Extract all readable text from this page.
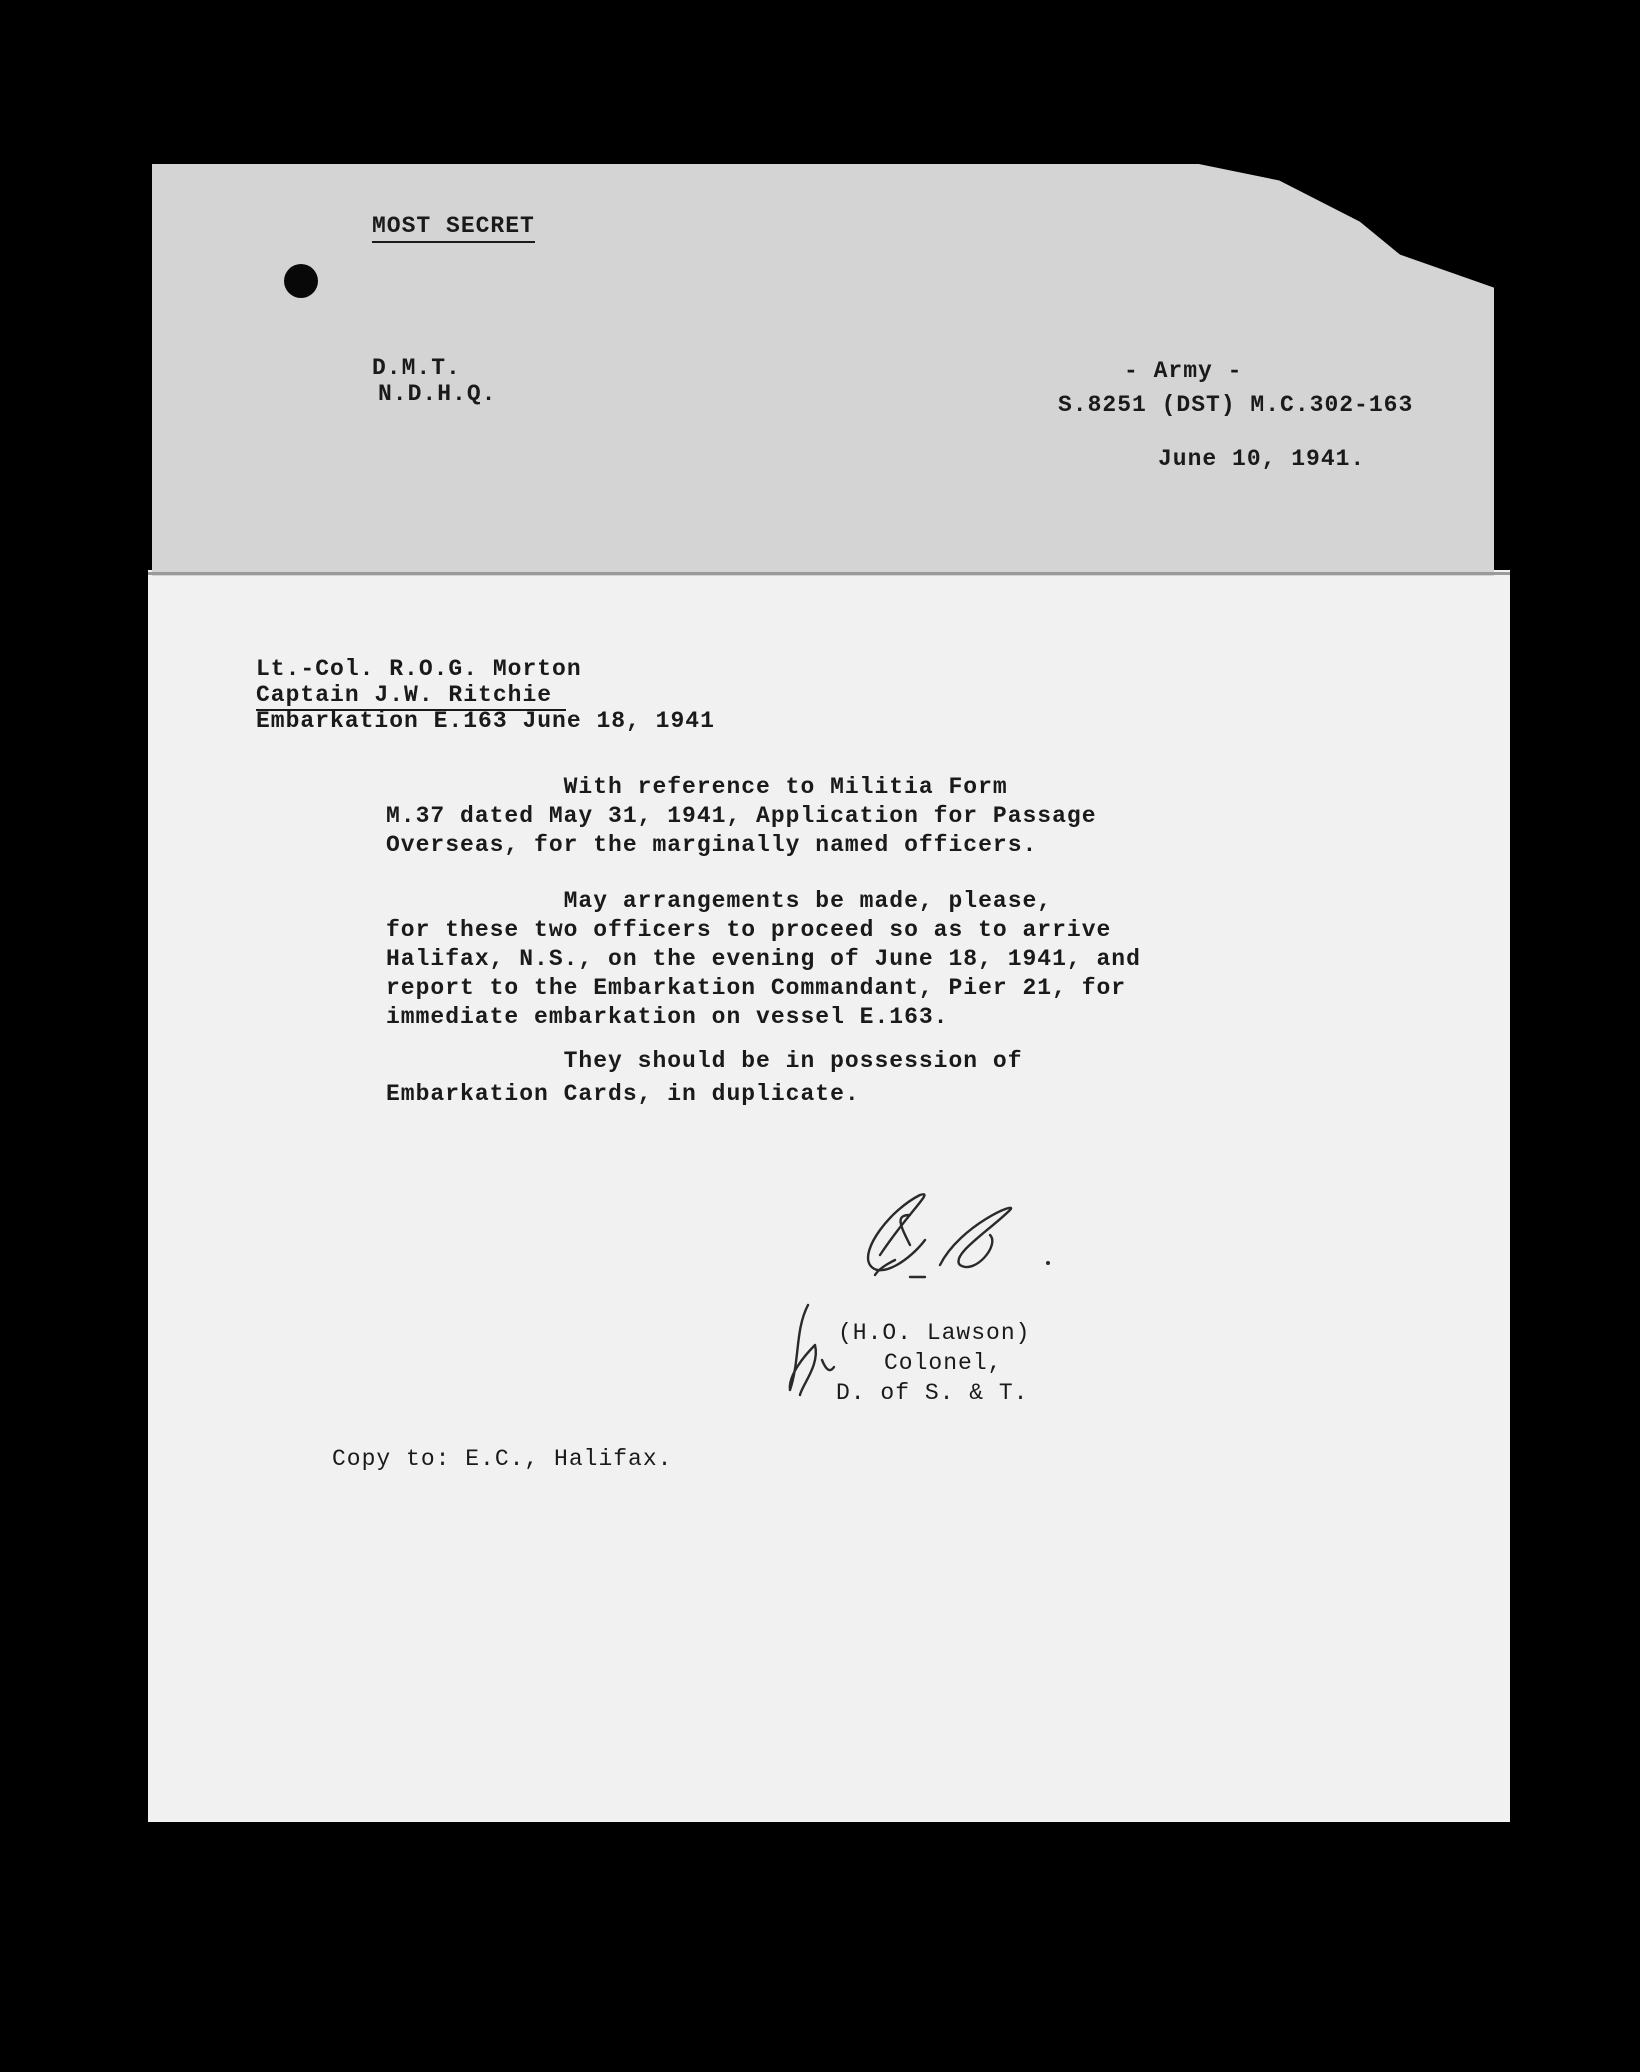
MOST SECRET
D.M.T.
N.D.H.Q.
- Army -
S.8251 (DST) M.C.302-163
June 10, 1941.
Lt.-Col. R.O.G. Morton
Captain J.W. Ritchie
Embarkation E.163 June 18, 1941
With reference to Militia Form
M.37 dated May 31, 1941, Application for Passage
Overseas, for the marginally named officers.
May arrangements be made, please,
for these two officers to proceed so as to arrive
Halifax, N.S., on the evening of June 18, 1941, and
report to the Embarkation Commandant, Pier 21, for
immediate embarkation on vessel E.163.
They should be in possession of
Embarkation Cards, in duplicate.
(H.O. Lawson)
Colonel,
D. of S. & T.
Copy to: E.C., Halifax.
